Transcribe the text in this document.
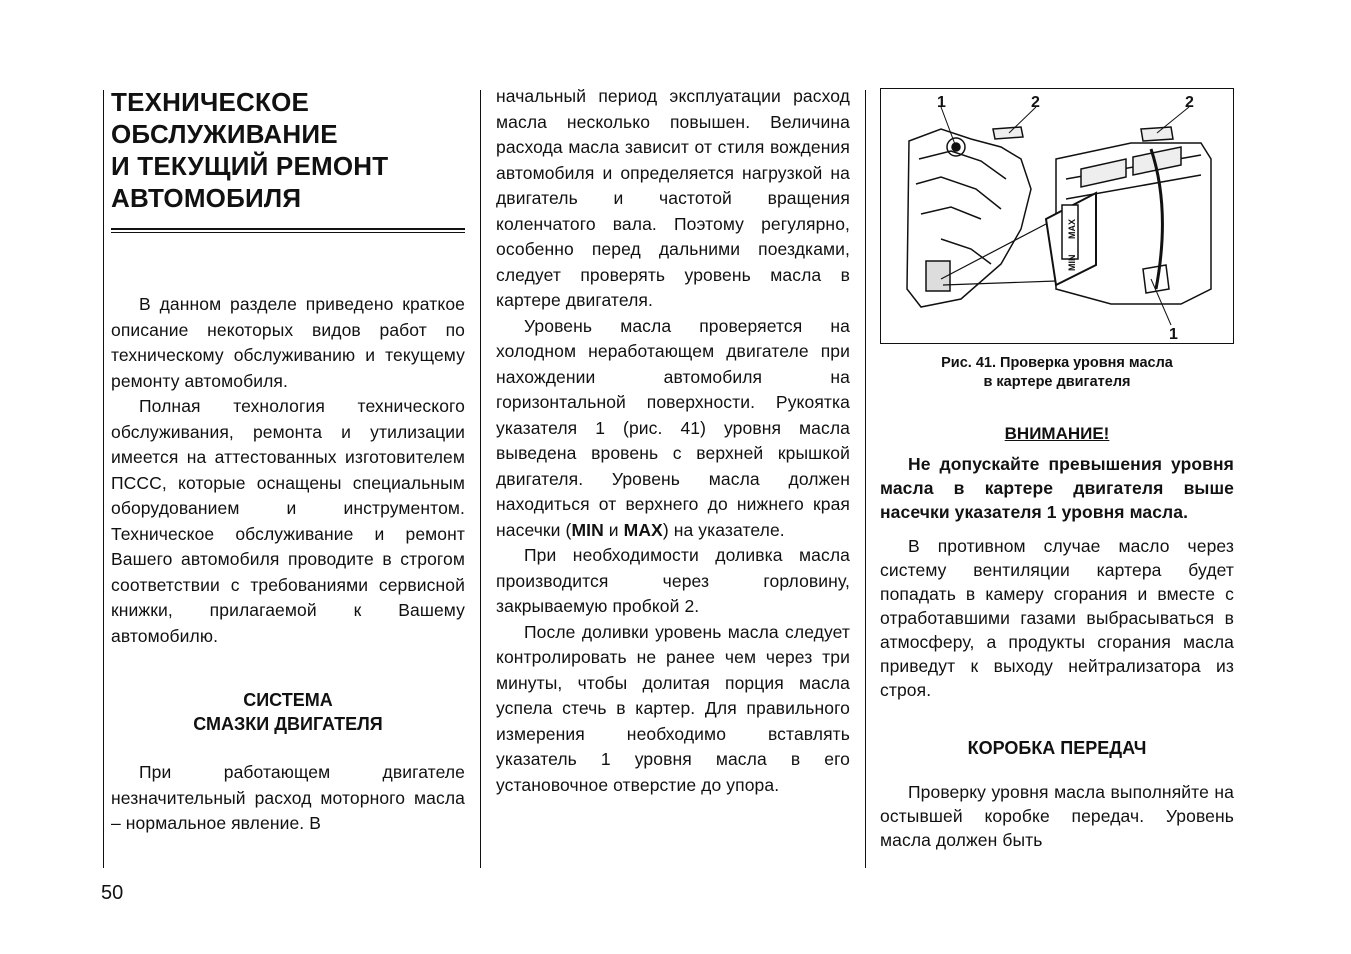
ТЕХНИЧЕСКОЕ
ОБСЛУЖИВАНИЕ
И ТЕКУЩИЙ РЕМОНТ
АВТОМОБИЛЯ

В данном разделе приведено краткое описание некоторых видов работ по техническому обслуживанию и текущему ремонту автомобиля.

Полная технология технического обслуживания, ремонта и утилизации имеется на аттестованных изготовителем ПССС, которые оснащены специальным оборудованием и инструментом. Техническое обслуживание и ремонт Вашего автомобиля проводите в строгом соответствии с требованиями сервисной книжки, прилагаемой к Вашему автомобилю.

СИСТЕМА
СМАЗКИ ДВИГАТЕЛЯ

При работающем двигателе незначительный расход моторного масла – нормальное явление. В

начальный период эксплуатации расход масла несколько повышен. Величина расхода масла зависит от стиля вождения автомобиля и определяется нагрузкой на двигатель и частотой вращения коленчатого вала. Поэтому регулярно, особенно перед дальними поездками, следует проверять уровень масла в картере двигателя.

Уровень масла проверяется на холодном неработающем двигателе при нахождении автомобиля на горизонтальной поверхности. Рукоятка указателя 1 (рис. 41) уровня масла выведена вровень с верхней крышкой двигателя. Уровень масла должен находиться от верхнего до нижнего края насечки (MIN и MAX) на указателе.

При необходимости доливка масла производится через горловину, закрываемую пробкой 2.

После доливки уровень масла следует контролировать не ранее чем через три минуты, чтобы долитая порция масла успела стечь в картер. Для правильного измерения необходимо вставлять указатель 1 уровня масла в его установочное отверстие до упора.

1	2	2
1
MAX
MIN
Рис. 41. Проверка уровня масла
в картере двигателя
ВНИМАНИЕ!

Не допускайте превышения уровня масла в картере двигателя выше насечки указателя 1 уровня масла.

В противном случае масло через систему вентиляции картера будет попадать в камеру сгорания и вместе с отработавшими газами выбрасываться в атмосферу, а продукты сгорания масла приведут к выходу нейтрализатора из строя.

КОРОБКА ПЕРЕДАЧ

Проверку уровня масла выполняйте на остывшей коробке передач. Уровень масла должен быть

50
